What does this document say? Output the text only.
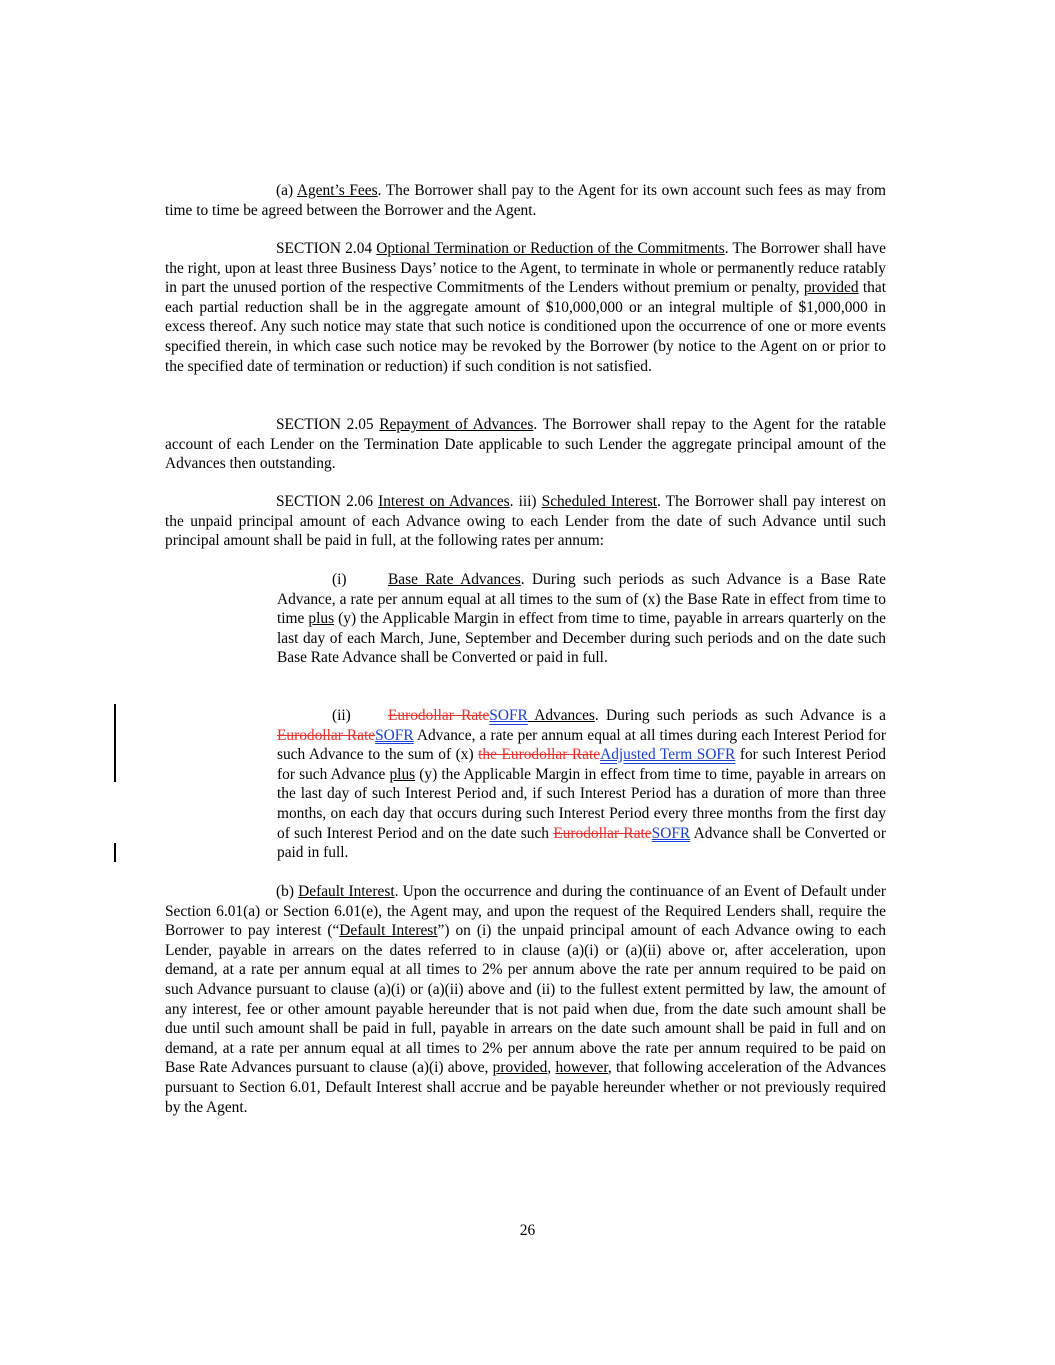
(a) Agent’s Fees. The Borrower shall pay to the Agent for its own account such fees as may from time to time be agreed between the Borrower and the Agent.

SECTION 2.04 Optional Termination or Reduction of the Commitments. The Borrower shall have the right, upon at least three Business Days’ notice to the Agent, to terminate in whole or permanently reduce ratably in part the unused portion of the respective Commitments of the Lenders without premium or penalty, provided that each partial reduction shall be in the aggregate amount of $10,000,000 or an integral multiple of $1,000,000 in excess thereof. Any such notice may state that such notice is conditioned upon the occurrence of one or more events specified therein, in which case such notice may be revoked by the Borrower (by notice to the Agent on or prior to the specified date of termination or reduction) if such condition is not satisfied.

SECTION 2.05 Repayment of Advances. The Borrower shall repay to the Agent for the ratable account of each Lender on the Termination Date applicable to such Lender the aggregate principal amount of the Advances then outstanding.

SECTION 2.06 Interest on Advances. iii) Scheduled Interest. The Borrower shall pay interest on the unpaid principal amount of each Advance owing to each Lender from the date of such Advance until such principal amount shall be paid in full, at the following rates per annum:

(i)	Base Rate Advances. During such periods as such Advance is a Base Rate Advance, a rate per annum equal at all times to the sum of (x) the Base Rate in effect from time to time plus (y) the Applicable Margin in effect from time to time, payable in arrears quarterly on the last day of each March, June, September and December during such periods and on the date such Base Rate Advance shall be Converted or paid in full.

(ii) Eurodollar RateSOFR Advances. During such periods as such Advance is a Eurodollar RateSOFR Advance, a rate per annum equal at all times during each Interest Period for such Advance to the sum of (x) the Eurodollar RateAdjusted Term SOFR for such Interest Period for such Advance plus (y) the Applicable Margin in effect from time to time, payable in arrears on the last day of such Interest Period and, if such Interest Period has a duration of more than three months, on each day that occurs during such Interest Period every three months from the first day of such Interest Period and on the date such Eurodollar RateSOFR Advance shall be Converted or paid in full.

(b) Default Interest. Upon the occurrence and during the continuance of an Event of Default under Section 6.01(a) or Section 6.01(e), the Agent may, and upon the request of the Required Lenders shall, require the Borrower to pay interest (“Default Interest”) on (i) the unpaid principal amount of each Advance owing to each Lender, payable in arrears on the dates referred to in clause (a)(i) or (a)(ii) above or, after acceleration, upon demand, at a rate per annum equal at all times to 2% per annum above the rate per annum required to be paid on such Advance pursuant to clause (a)(i) or (a)(ii) above and (ii) to the fullest extent permitted by law, the amount of any interest, fee or other amount payable hereunder that is not paid when due, from the date such amount shall be due until such amount shall be paid in full, payable in arrears on the date such amount shall be paid in full and on demand, at a rate per annum equal at all times to 2% per annum above the rate per annum required to be paid on Base Rate Advances pursuant to clause (a)(i) above, provided, however, that following acceleration of the Advances pursuant to Section 6.01, Default Interest shall accrue and be payable hereunder whether or not previously required by the Agent.

26
